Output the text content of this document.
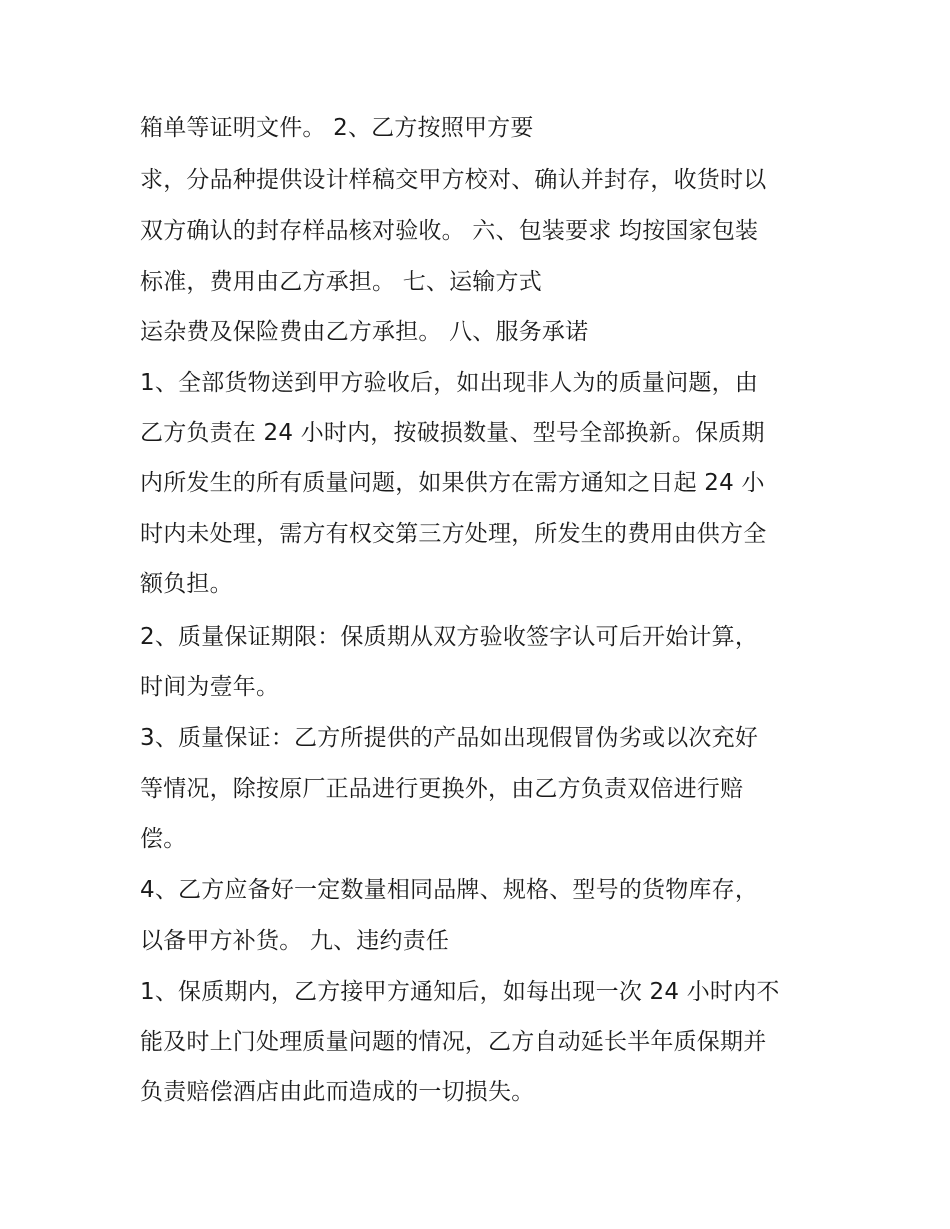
箱单等证明文件。 2、乙方按照甲方要
求，分品种提供设计样稿交甲方校对、确认并封存，收货时以
双方确认的封存样品核对验收。 六、包装要求 均按国家包装
标准，费用由乙方承担。 七、运输方式
运杂费及保险费由乙方承担。 八、服务承诺
1、全部货物送到甲方验收后，如出现非人为的质量问题，由
乙方负责在 24 小时内，按破损数量、型号全部换新。保质期
内所发生的所有质量问题，如果供方在需方通知之日起 24 小
时内未处理，需方有权交第三方处理，所发生的费用由供方全
额负担。
2、质量保证期限：保质期从双方验收签字认可后开始计算，
时间为壹年。
3、质量保证：乙方所提供的产品如出现假冒伪劣或以次充好
等情况，除按原厂正品进行更换外，由乙方负责双倍进行赔
偿。
4、乙方应备好一定数量相同品牌、规格、型号的货物库存，
以备甲方补货。 九、违约责任
1、保质期内，乙方接甲方通知后，如每出现一次 24 小时内不
能及时上门处理质量问题的情况，乙方自动延长半年质保期并
负责赔偿酒店由此而造成的一切损失。
